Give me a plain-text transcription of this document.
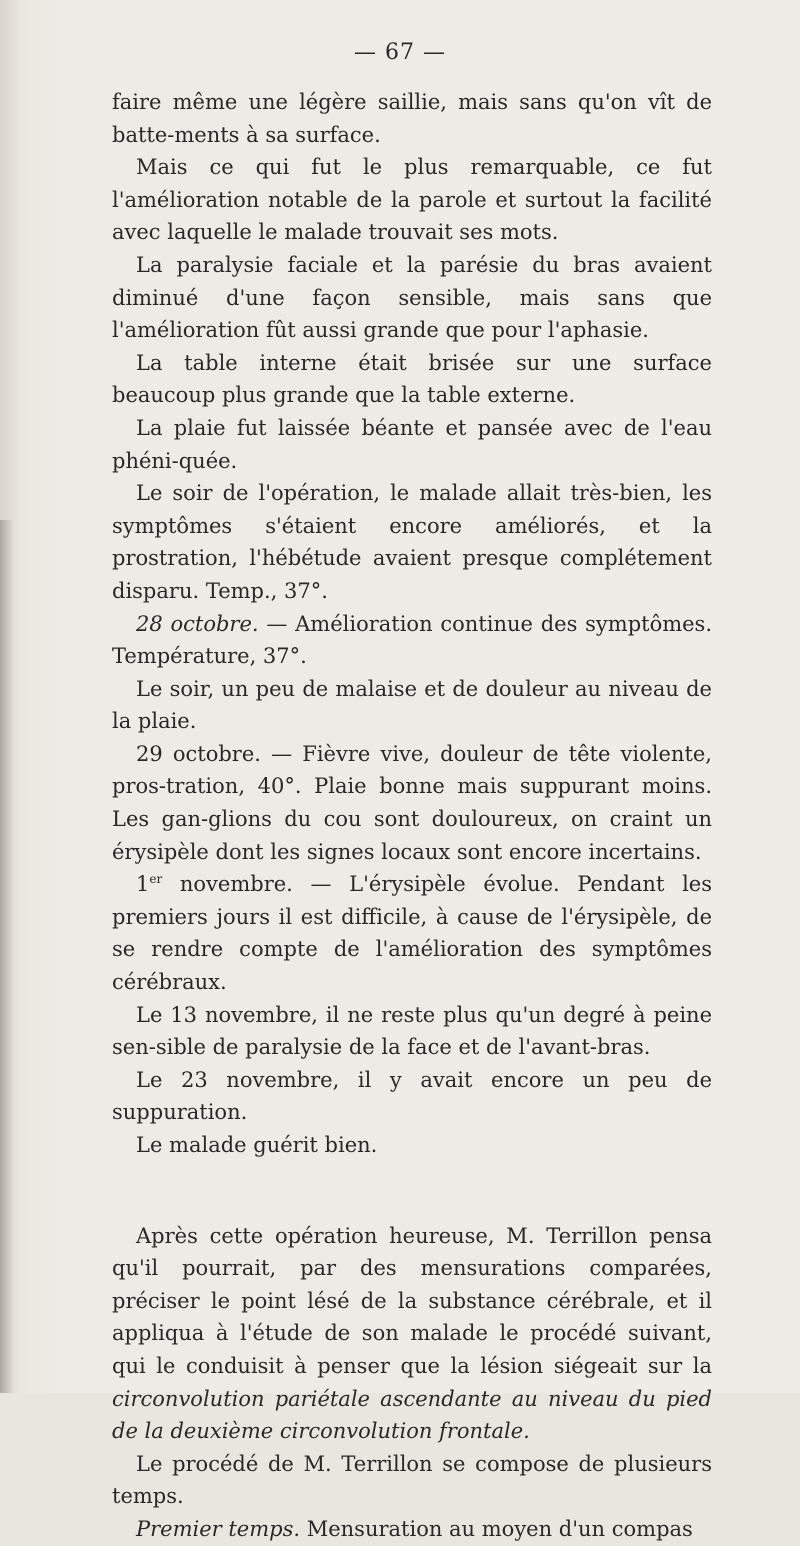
— 67 —

faire même une légère saillie, mais sans qu'on vît de batte-ments à sa surface.

Mais ce qui fut le plus remarquable, ce fut l'amélioration notable de la parole et surtout la facilité avec laquelle le malade trouvait ses mots.

La paralysie faciale et la parésie du bras avaient diminué d'une façon sensible, mais sans que l'amélioration fût aussi grande que pour l'aphasie.

La table interne était brisée sur une surface beaucoup plus grande que la table externe.

La plaie fut laissée béante et pansée avec de l'eau phéni-quée.

Le soir de l'opération, le malade allait très-bien, les symptômes s'étaient encore améliorés, et la prostration, l'hébétude avaient presque complétement disparu. Temp., 37°.

28 octobre. — Amélioration continue des symptômes. Température, 37°.

Le soir, un peu de malaise et de douleur au niveau de la plaie.

29 octobre. — Fièvre vive, douleur de tête violente, pros-tration, 40°. Plaie bonne mais suppurant moins. Les gan-glions du cou sont douloureux, on craint un érysipèle dont les signes locaux sont encore incertains.

1er novembre. — L'érysipèle évolue. Pendant les premiers jours il est difficile, à cause de l'érysipèle, de se rendre compte de l'amélioration des symptômes cérébraux.

Le 13 novembre, il ne reste plus qu'un degré à peine sen-sible de paralysie de la face et de l'avant-bras.

Le 23 novembre, il y avait encore un peu de suppuration.

Le malade guérit bien.

Après cette opération heureuse, M. Terrillon pensa qu'il pourrait, par des mensurations comparées, préciser le point lésé de la substance cérébrale, et il appliqua à l'étude de son malade le procédé suivant, qui le conduisit à penser que la lésion siégeait sur la circonvolution pariétale ascendante au niveau du pied de la deuxième circonvolution frontale.

Le procédé de M. Terrillon se compose de plusieurs temps.

Premier temps. Mensuration au moyen d'un compas
